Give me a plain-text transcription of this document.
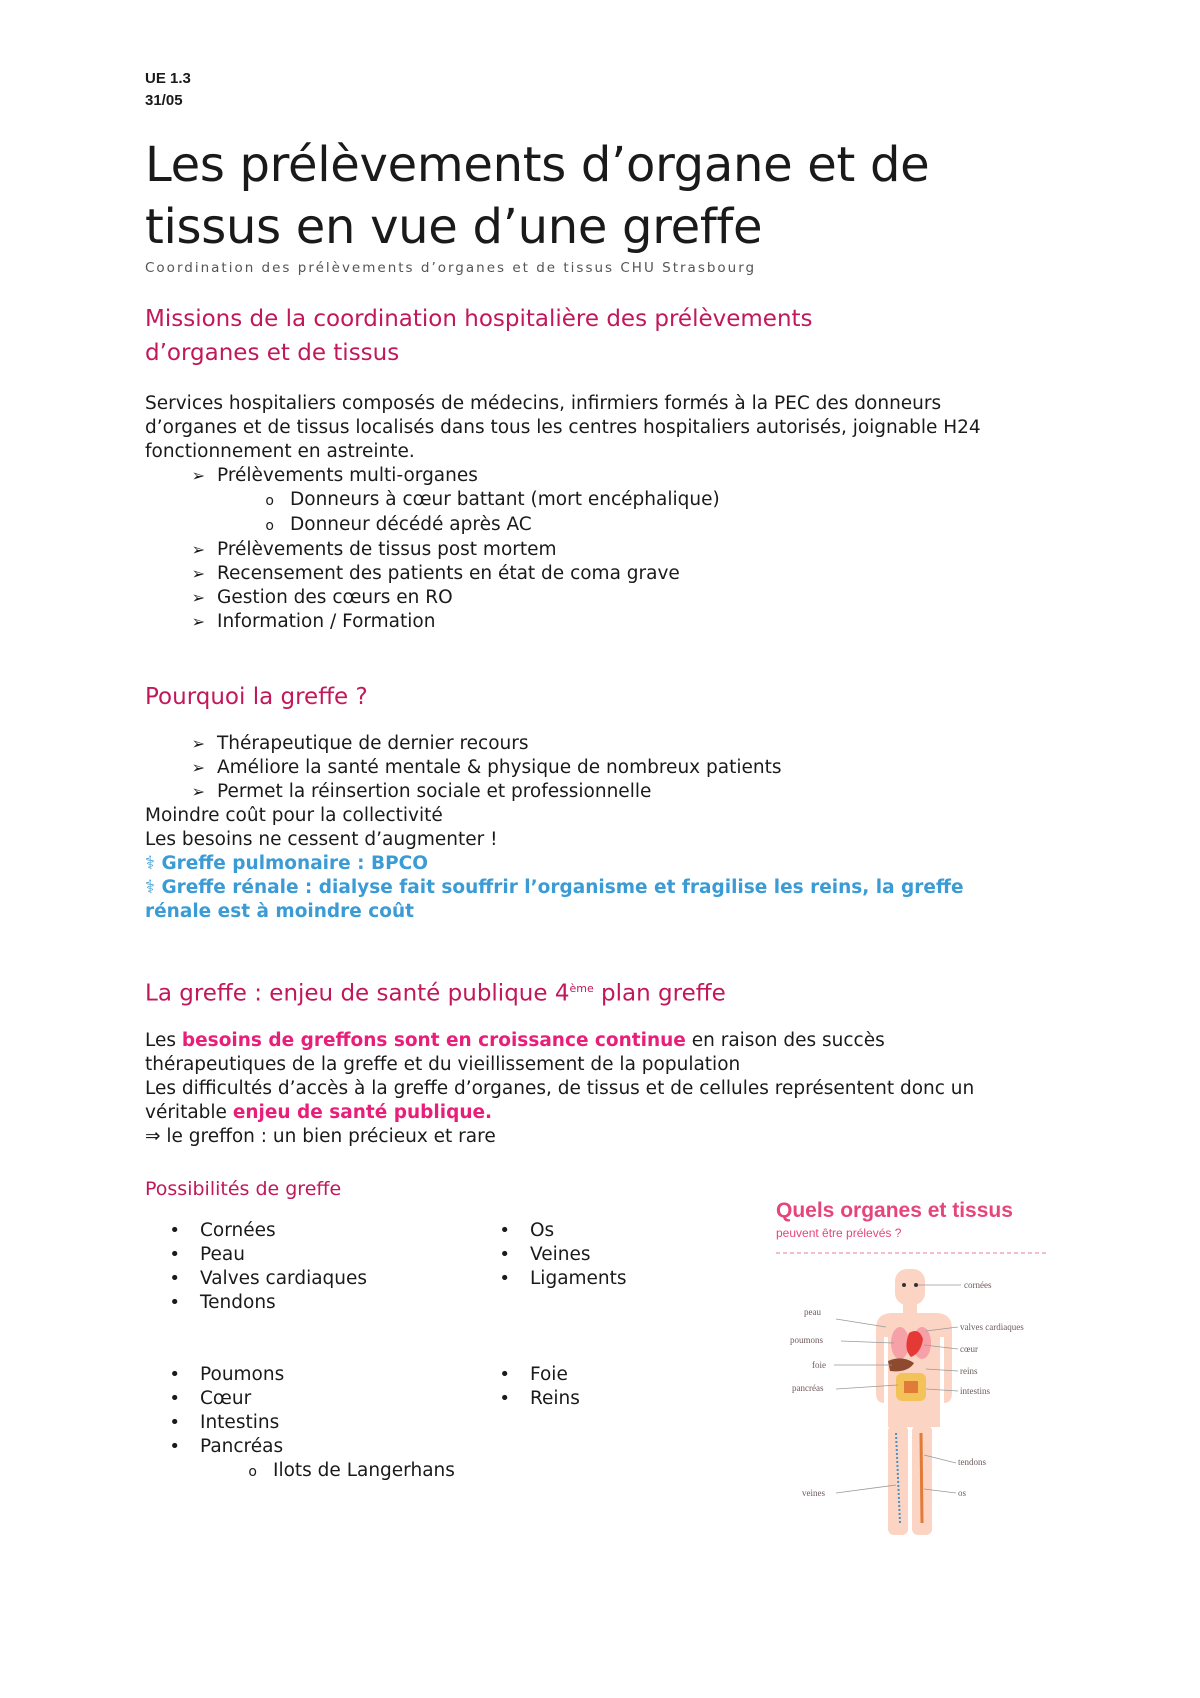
UE 1.3
31/05
Les prélèvements d’organe et de
tissus en vue d’une greffe
Coordination des prélèvements d’organes et de tissus CHU Strasbourg
Missions de la coordination hospitalière des prélèvements
d’organes et de tissus
Services hospitaliers composés de médecins, infirmiers formés à la PEC des donneurs
d’organes et de tissus localisés dans tous les centres hospitaliers autorisés, joignable H24
fonctionnement en astreinte.
➢ Prélèvements multi-organes
o Donneurs à cœur battant (mort encéphalique)
o Donneur décédé après AC
➢ Prélèvements de tissus post mortem
➢ Recensement des patients en état de coma grave
➢ Gestion des cœurs en RO
➢ Information / Formation
Pourquoi la greffe ?
➢ Thérapeutique de dernier recours
➢ Améliore la santé mentale & physique de nombreux patients
➢ Permet la réinsertion sociale et professionnelle
Moindre coût pour la collectivité
Les besoins ne cessent d’augmenter !
⚕ Greffe pulmonaire : BPCO
⚕ Greffe rénale : dialyse fait souffrir l’organisme et fragilise les reins, la greffe
rénale est à moindre coût
La greffe : enjeu de santé publique 4ème plan greffe
Les besoins de greffons sont en croissance continue en raison des succès
thérapeutiques de la greffe et du vieillissement de la population
Les difficultés d’accès à la greffe d’organes, de tissus et de cellules représentent donc un
véritable enjeu de santé publique.
⇒ le greffon : un bien précieux et rare
Possibilités de greffe
•	Cornées
•	Peau
•	Valves cardiaques
•	Tendons
•	Os
•	Veines
•	Ligaments
•	Poumons
•	Cœur
•	Intestins
•	Pancréas
o Ilots de Langerhans
•	Foie
•	Reins
Quels organes et tissus
peuvent être prélevés ?
peau
poumons
foie
pancréas
veines
cornées
valves cardiaques
cœur
reins
intestins
tendons
os
